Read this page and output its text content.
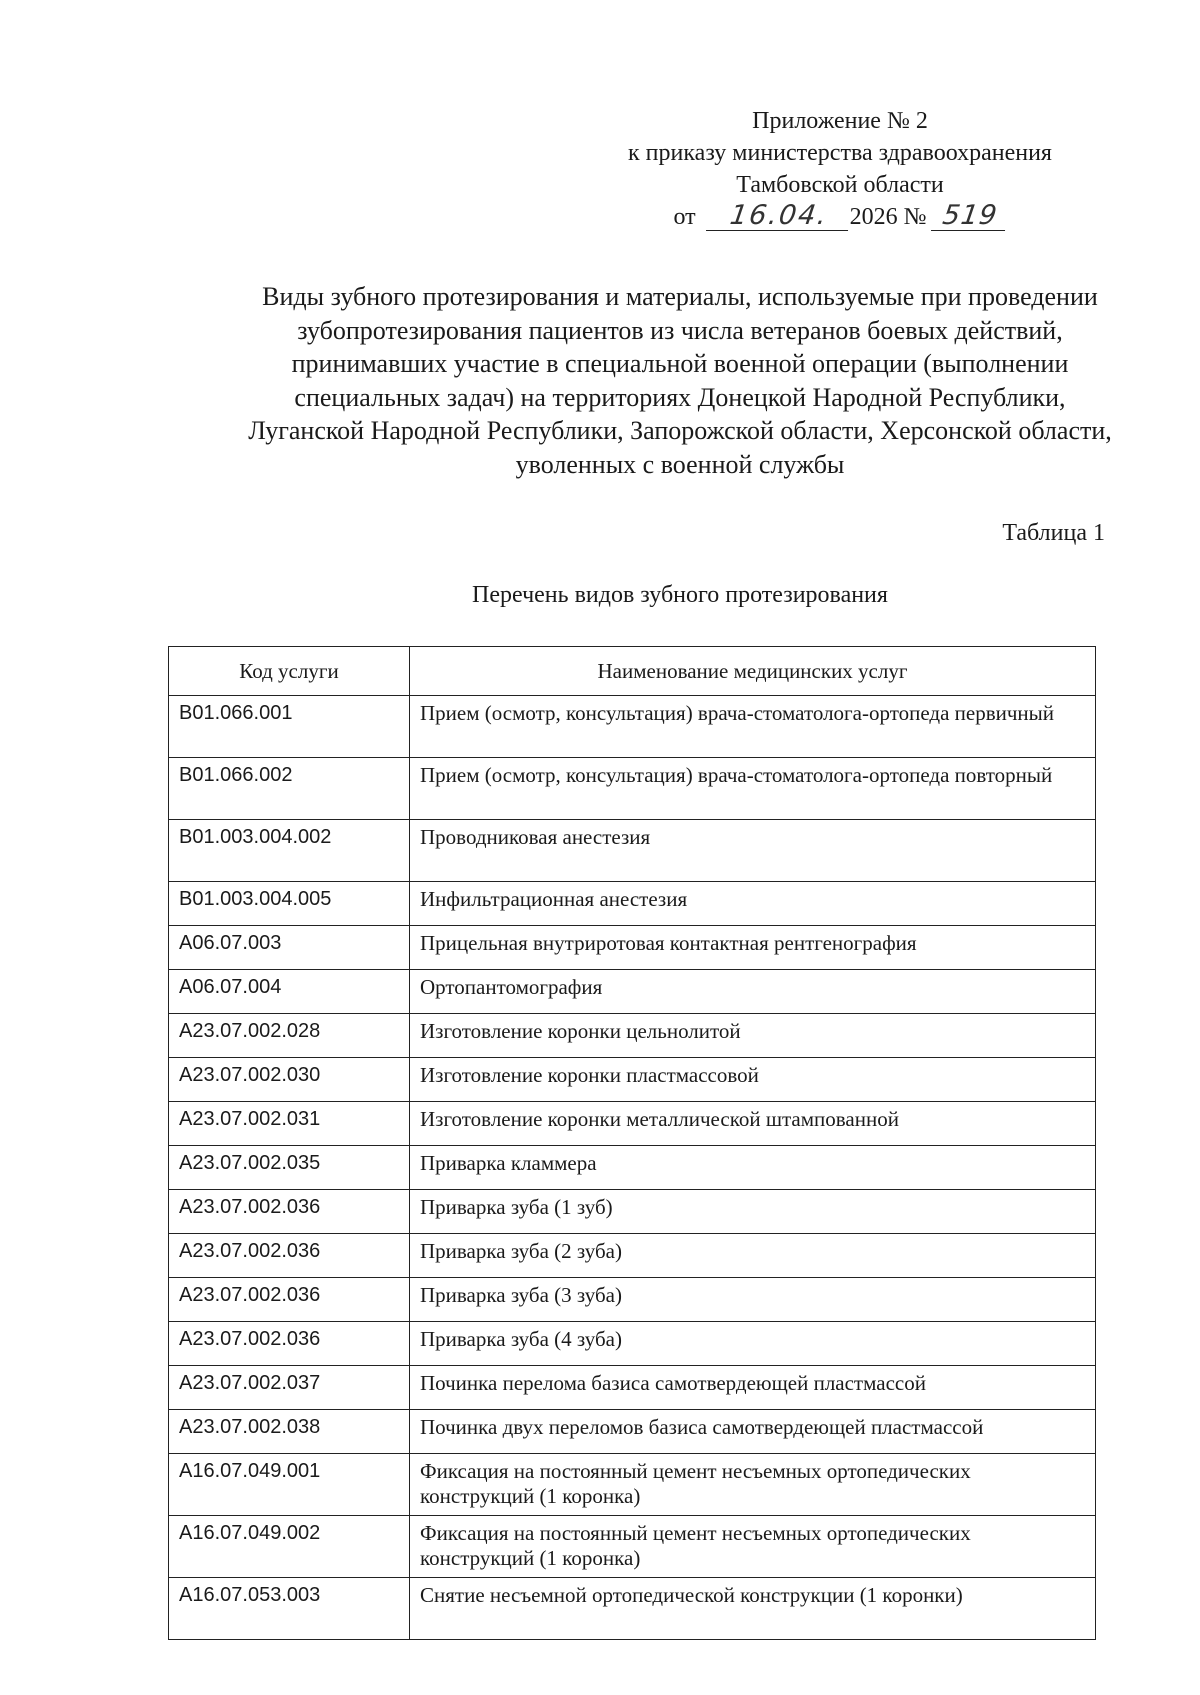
Приложение № 2
к приказу министерства здравоохранения
Тамбовской области
от 16.04. 2026 № 519
Виды зубного протезирования и материалы, используемые при проведении зубопротезирования пациентов из числа ветеранов боевых действий, принимавших участие в специальной военной операции (выполнении специальных задач) на территориях Донецкой Народной Республики, Луганской Народной Республики, Запорожской области, Херсонской области, уволенных с военной службы
Таблица 1
Перечень видов зубного протезирования
Код услуги	Наименование медицинских услуг
B01.066.001	Прием (осмотр, консультация) врача-стоматолога-ортопеда первичный
B01.066.002	Прием (осмотр, консультация) врача-стоматолога-ортопеда повторный
B01.003.004.002	Проводниковая анестезия
B01.003.004.005	Инфильтрационная анестезия
A06.07.003	Прицельная внутриротовая контактная рентгенография
A06.07.004	Ортопантомография
A23.07.002.028	Изготовление коронки цельнолитой
A23.07.002.030	Изготовление коронки пластмассовой
A23.07.002.031	Изготовление коронки металлической штампованной
A23.07.002.035	Приварка кламмера
A23.07.002.036	Приварка зуба (1 зуб)
A23.07.002.036	Приварка зуба (2 зуба)
A23.07.002.036	Приварка зуба (3 зуба)
A23.07.002.036	Приварка зуба (4 зуба)
A23.07.002.037	Починка перелома базиса самотвердеющей пластмассой
A23.07.002.038	Починка двух переломов базиса самотвердеющей пластмассой
A16.07.049.001	Фиксация на постоянный цемент несъемных ортопедических конструкций (1 коронка)
A16.07.049.002	Фиксация на постоянный цемент несъемных ортопедических конструкций (1 коронка)
A16.07.053.003	Снятие несъемной ортопедической конструкции (1 коронки)
